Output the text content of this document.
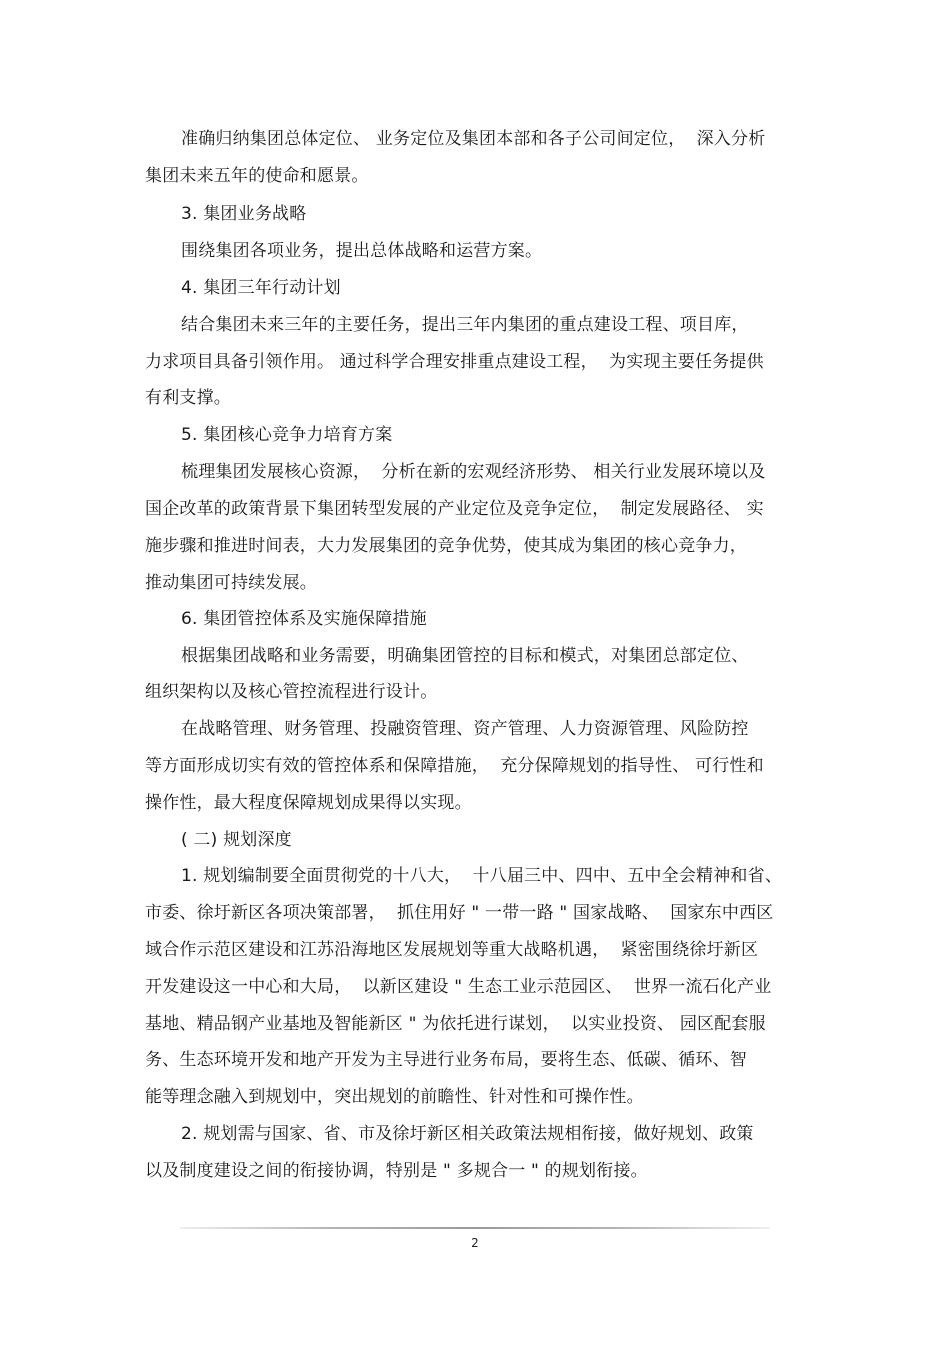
准确归纳集团总体定位、 业务定位及集团本部和各子公司间定位，  深入分析
集团未来五年的使命和愿景。
3. 集团业务战略
围绕集团各项业务，提出总体战略和运营方案。
4. 集团三年行动计划
结合集团未来三年的主要任务，提出三年内集团的重点建设工程、项目库，
力求项目具备引领作用。 通过科学合理安排重点建设工程，  为实现主要任务提供
有利支撑。
5. 集团核心竞争力培育方案
梳理集团发展核心资源，  分析在新的宏观经济形势、 相关行业发展环境以及
国企改革的政策背景下集团转型发展的产业定位及竞争定位，  制定发展路径、 实
施步骤和推进时间表，大力发展集团的竞争优势，使其成为集团的核心竞争力，
推动集团可持续发展。
6. 集团管控体系及实施保障措施
根据集团战略和业务需要，明确集团管控的目标和模式，对集团总部定位、
组织架构以及核心管控流程进行设计。
在战略管理、财务管理、投融资管理、资产管理、人力资源管理、风险防控
等方面形成切实有效的管控体系和保障措施，  充分保障规划的指导性、 可行性和
操作性，最大程度保障规划成果得以实现。
( 二) 规划深度
1. 规划编制要全面贯彻党的十八大，  十八届三中、四中、五中全会精神和省、
市委、徐圩新区各项决策部署，  抓住用好 " 一带一路 " 国家战略、  国家东中西区
域合作示范区建设和江苏沿海地区发展规划等重大战略机遇，  紧密围绕徐圩新区
开发建设这一中心和大局，  以新区建设 " 生态工业示范园区、  世界一流石化产业
基地、精品钢产业基地及智能新区 " 为依托进行谋划，  以实业投资、 园区配套服
务、生态环境开发和地产开发为主导进行业务布局，要将生态、低碳、循环、智
能等理念融入到规划中，突出规划的前瞻性、针对性和可操作性。
2. 规划需与国家、省、市及徐圩新区相关政策法规相衔接，做好规划、政策
以及制度建设之间的衔接协调，特别是 " 多规合一 " 的规划衔接。
2
